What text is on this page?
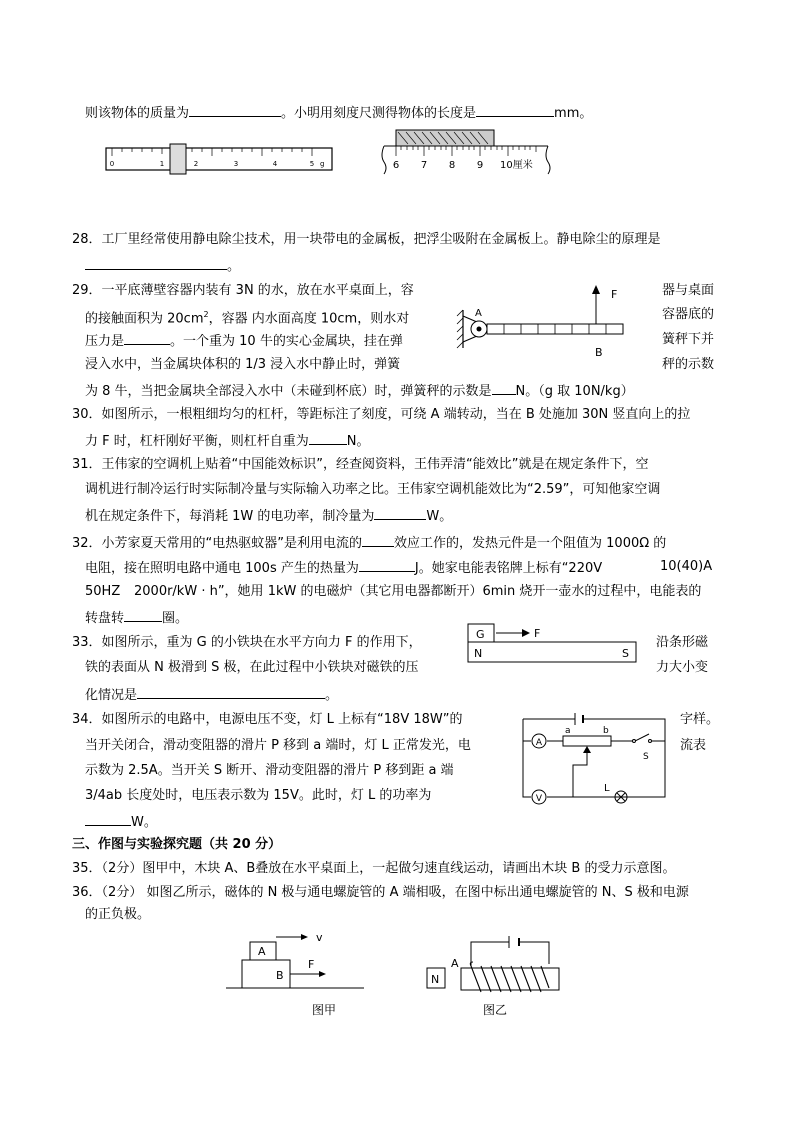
则该物体的质量为	。小明用刻度尺测得物体的长度是	mm。
0	1	2	3	4	5 g	6 7 8 9 10厘米
28．工厂里经常使用静电除尘技术，用一块带电的金属板，把浮尘吸附在金属板上。静电除尘的原理是
。
29．一平底薄壁容器内装有 3N 的水，放在水平桌面上，容	器与桌面
的接触面积为 $20cm^2$，容器 内水面高度 10cm，则水对	容器底的
压力是	。一个重为 10 牛的实心金属块，挂在弹	簧秤下并
浸入水中，当金属块体积的 1/3 浸入水中静止时，弹簧	秤的示数
为 8 牛，当把金属块全部浸入水中（未碰到杯底）时，弹簧秤的示数是 N。（g 取 10N/kg）
A
B
F
30．如图所示，一根粗细均匀的杠杆，等距标注了刻度，可绕 A 端转动，当在 B 处施加 30N 竖直向上的拉
力 F 时，杠杆刚好平衡，则杠杆自重为	N。
31．王伟家的空调机上贴着“中国能效标识”，经查阅资料，王伟弄清“能效比”就是在规定条件下，空
调机进行制冷运行时实际制冷量与实际输入功率之比。王伟家空调机能效比为“2.59”，可知他家空调
机在规定条件下，每消耗 1W 的电功率，制冷量为	W。
32．小芳家夏天常用的“电热驱蚊器”是利用电流的 效应工作的，发热元件是一个阻值为 1000Ω 的
电阻，接在照明电路中通电 100s 产生的热量为	J。她家电能表铭牌上标有“220V	10(40)A
50HZ 2000r/kW · h”，她用 1kW 的电磁炉（其它用电器都断开）6min 烧开一壶水的过程中，电能表的
转盘转	圈。
33．如图所示，重为 G 的小铁块在水平方向力 F 的作用下，	沿条形磁
铁的表面从 N 极滑到 S 极，在此过程中小铁块对磁铁的压	力大小变
化情况是	。
G	F
N	S
34．如图所示的电路中，电源电压不变，灯 L 上标有“18V 18W”的	字样。
当开关闭合，滑动变阻器的滑片 P 移到 a 端时，灯 L 正常发光，电	流表
示数为 2.5A。当开关 S 断开、滑动变阻器的滑片 P 移到距 a 端
3/4ab 长度处时，电压表示数为 15V。此时，灯 L 的功率为
W。
A
a	b
S
V
L
三、作图与实验探究题（共 20 分）
35．（2分）图甲中，木块 A、B叠放在水平桌面上，一起做匀速直线运动，请画出木块 B 的受力示意图。
36．（2分） 如图乙所示，磁体的 N 极与通电螺旋管的 A 端相吸，在图中标出通电螺旋管的 N、S 极和电源
的正负极。
A
B
v
F
图甲
A
N
图乙
